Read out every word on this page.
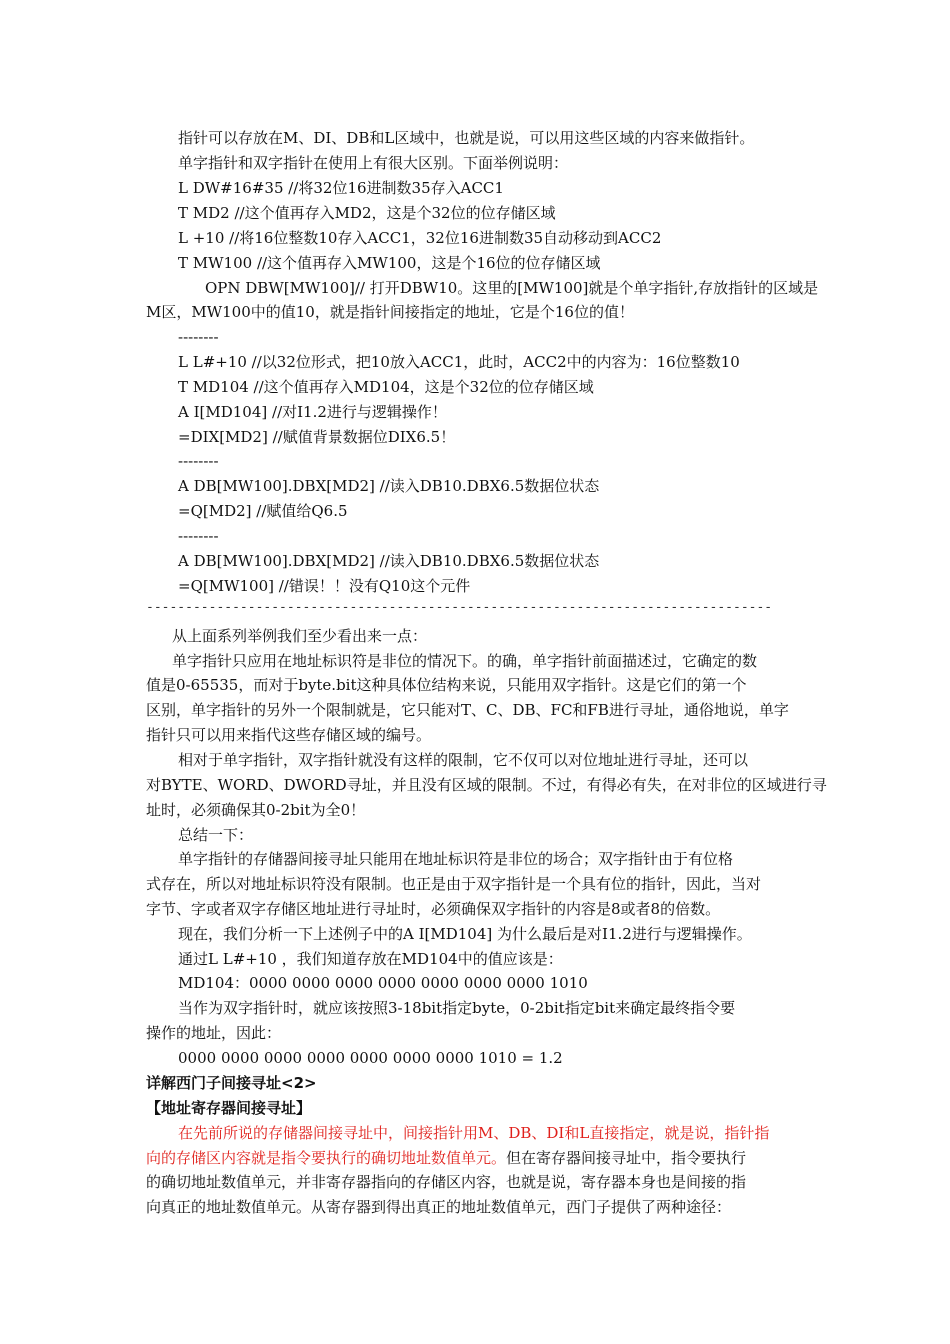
指针可以存放在M、DI、DB和L区域中，也就是说，可以用这些区域的内容来做指针。
单字指针和双字指针在使用上有很大区别。下面举例说明：
L DW#16#35 //将32位16进制数35存入ACC1
T MD2 //这个值再存入MD2，这是个32位的位存储区域
L +10 //将16位整数10存入ACC1，32位16进制数35自动移动到ACC2
T MW100 //这个值再存入MW100，这是个16位的位存储区域
OPN DBW[MW100]// 打开DBW10。这里的[MW100]就是个单字指针,存放指针的区域是
M区，MW100中的值10，就是指针间接指定的地址，它是个16位的值！
--------
L L#+10 //以32位形式，把10放入ACC1，此时，ACC2中的内容为：16位整数10
T MD104 //这个值再存入MD104，这是个32位的位存储区域
A I[MD104] //对I1.2进行与逻辑操作！
=DIX[MD2] //赋值背景数据位DIX6.5！
--------
A DB[MW100].DBX[MD2] //读入DB10.DBX6.5数据位状态
=Q[MD2] //赋值给Q6.5
--------
A DB[MW100].DBX[MD2] //读入DB10.DBX6.5数据位状态
=Q[MW100] //错误！！没有Q10这个元件
--------------------------------------------------------------------------------
从上面系列举例我们至少看出来一点：
单字指针只应用在地址标识符是非位的情况下。的确，单字指针前面描述过，它确定的数
值是0-65535，而对于byte.bit这种具体位结构来说，只能用双字指针。这是它们的第一个
区别，单字指针的另外一个限制就是，它只能对T、C、DB、FC和FB进行寻址，通俗地说，单字
指针只可以用来指代这些存储区域的编号。
相对于单字指针，双字指针就没有这样的限制，它不仅可以对位地址进行寻址，还可以
对BYTE、WORD、DWORD寻址，并且没有区域的限制。不过，有得必有失，在对非位的区域进行寻
址时，必须确保其0-2bit为全0！
总结一下：
单字指针的存储器间接寻址只能用在地址标识符是非位的场合；双字指针由于有位格
式存在，所以对地址标识符没有限制。也正是由于双字指针是一个具有位的指针，因此，当对
字节、字或者双字存储区地址进行寻址时，必须确保双字指针的内容是8或者8的倍数。
现在，我们分析一下上述例子中的A I[MD104] 为什么最后是对I1.2进行与逻辑操作。
通过L L#+10 ，我们知道存放在MD104中的值应该是：
MD104：0000 0000 0000 0000 0000 0000 0000 1010
当作为双字指针时，就应该按照3-18bit指定byte，0-2bit指定bit来确定最终指令要
操作的地址，因此：
0000 0000 0000 0000 0000 0000 0000 1010 = 1.2
详解西门子间接寻址<2>
【地址寄存器间接寻址】
在先前所说的存储器间接寻址中，间接指针用M、DB、DI和L直接指定，就是说，指针指
向的存储区内容就是指令要执行的确切地址数值单元。但在寄存器间接寻址中，指令要执行
的确切地址数值单元，并非寄存器指向的存储区内容，也就是说，寄存器本身也是间接的指
向真正的地址数值单元。从寄存器到得出真正的地址数值单元，西门子提供了两种途径：
